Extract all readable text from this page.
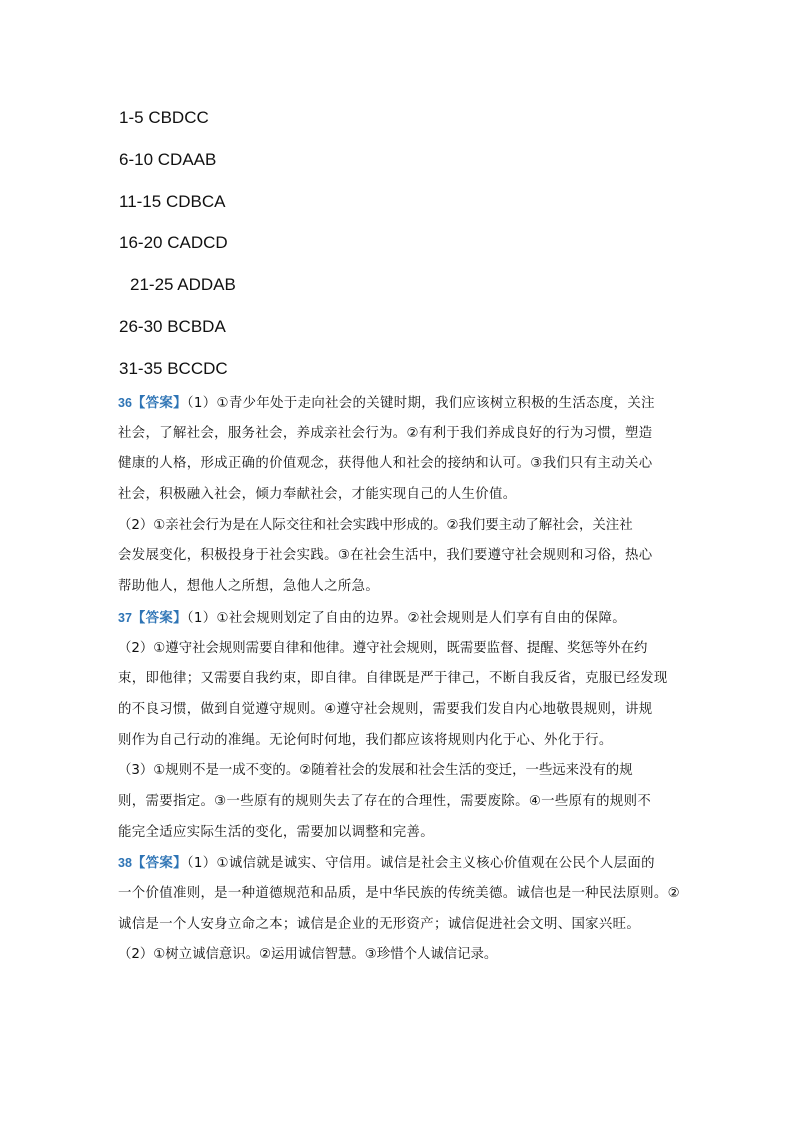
1-5 CBDCC
6-10 CDAAB
11-15 CDBCA
16-20 CADCD
21-25 ADDAB
26-30 BCBDA
31-35 BCCDC
36【答案】（1）①青少年处于走向社会的关键时期，我们应该树立积极的生活态度，关注
社会，了解社会，服务社会，养成亲社会行为。②有利于我们养成良好的行为习惯，塑造
健康的人格，形成正确的价值观念，获得他人和社会的接纳和认可。③我们只有主动关心
社会，积极融入社会，倾力奉献社会，才能实现自己的人生价值。
（2）①亲社会行为是在人际交往和社会实践中形成的。②我们要主动了解社会，关注社
会发展变化，积极投身于社会实践。③在社会生活中，我们要遵守社会规则和习俗，热心
帮助他人，想他人之所想，急他人之所急。
37【答案】（1）①社会规则划定了自由的边界。②社会规则是人们享有自由的保障。
（2）①遵守社会规则需要自律和他律。遵守社会规则，既需要监督、提醒、奖惩等外在约
束，即他律；又需要自我约束，即自律。自律既是严于律己，不断自我反省，克服已经发现
的不良习惯，做到自觉遵守规则。④遵守社会规则，需要我们发自内心地敬畏规则，讲规
则作为自己行动的准绳。无论何时何地，我们都应该将规则内化于心、外化于行。
（3）①规则不是一成不变的。②随着社会的发展和社会生活的变迁，一些远来没有的规
则，需要指定。③一些原有的规则失去了存在的合理性，需要废除。④一些原有的规则不
能完全适应实际生活的变化，需要加以调整和完善。
38【答案】（1）①诚信就是诚实、守信用。诚信是社会主义核心价值观在公民个人层面的
一个价值准则，是一种道德规范和品质，是中华民族的传统美德。诚信也是一种民法原则。②
诚信是一个人安身立命之本；诚信是企业的无形资产；诚信促进社会文明、国家兴旺。
（2）①树立诚信意识。②运用诚信智慧。③珍惜个人诚信记录。
